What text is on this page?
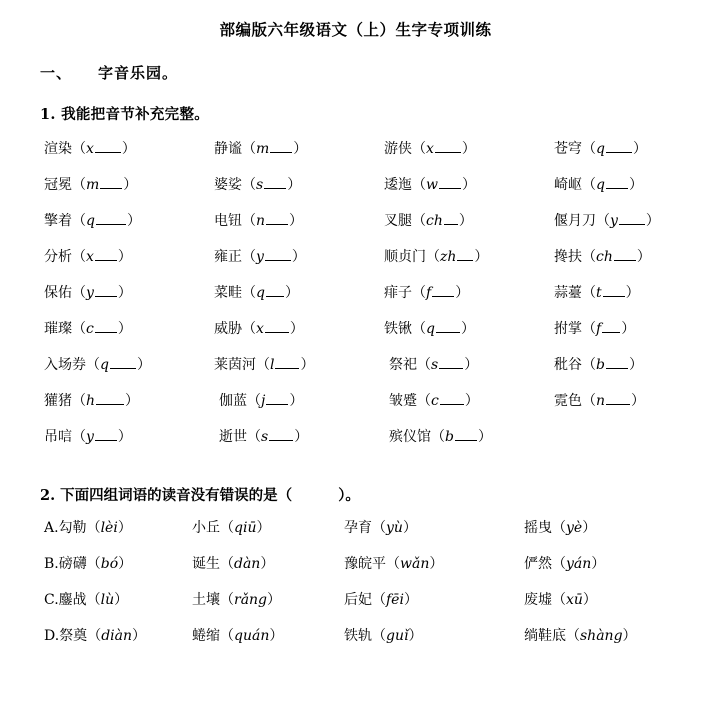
部编版六年级语文（上）生字专项训练
一、 字音乐园。
1. 我能把音节补充完整。
渲染（x ）	静谧（m ）	游侠（x ）	苍穹（q ）
冠冕（m ）	婆娑（s ）	逶迤（w ）	崎岖（q ）
擎着（q ）	电钮（n ）	叉腿（ch ）	偃月刀（y ）
分析（x ）	雍正（y ）	顺贞门（zh ）	搀扶（ch ）
保佑（y ）	菜畦（q ）	痱子（f ）	蒜薹（t ）
璀璨（c ）	威胁（x ）	铁锹（q ）	拊掌（f ）
入场券（q ）	莱茵河（l ）	祭祀（s ）	秕谷（b ）
獾猪（h ）	伽蓝（j ）	皱蹙（c ）	霓色（n ）
吊唁（y ）	逝世（s ）	殡仪馆（b ）
2. 下面四组词语的读音没有错误的是（	）。
A.勾勒（lèi）	小丘（qiū）	孕育（yù）	摇曳（yè）
B.磅礴（bó）	诞生（dàn）	豫皖平（wǎn）	俨然（yán）
C.鏖战（lù）	土壤（rǎng）	后妃（fēi）	废墟（xū）
D.祭奠（diàn）	蜷缩（quán）	铁轨（guǐ）	绱鞋底（shàng）
